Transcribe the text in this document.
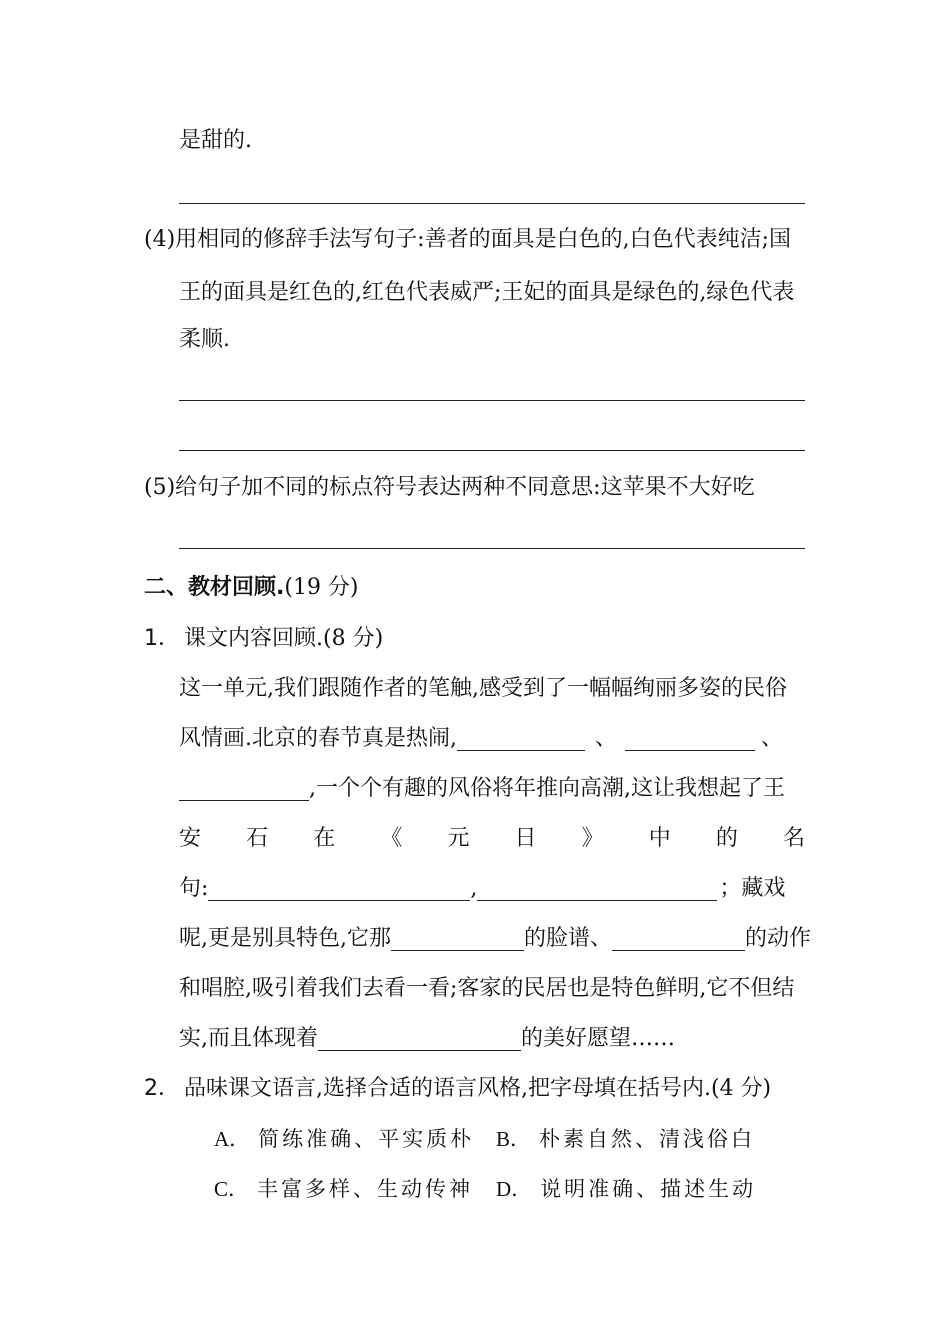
是甜的.
(4)用相同的修辞手法写句子:善者的面具是白色的,白色代表纯洁;国
王的面具是红色的,红色代表威严;王妃的面具是绿色的,绿色代表
柔顺.
(5)给句子加不同的标点符号表达两种不同意思:这苹果不大好吃
二、教材回顾.(19 分)
1． 课文内容回顾.(8 分)
这一单元,我们跟随作者的笔触,感受到了一幅幅绚丽多姿的民俗
风情画.北京的春节真是热闹,	、	、
,一个个有趣的风俗将年推向高潮,这让我想起了王
安 石 在 《 元 日 》 中 的 名
句:	,	；藏戏
呢,更是别具特色,它那	的脸谱、	的动作
和唱腔,吸引着我们去看一看;客家的民居也是特色鲜明,它不但结
实,而且体现着	的美好愿望……
2． 品味课文语言,选择合适的语言风格,把字母填在括号内.(4 分)
A． 简练准确、平实质朴 B． 朴素自然、清浅俗白
C． 丰富多样、生动传神 D． 说明准确、描述生动
